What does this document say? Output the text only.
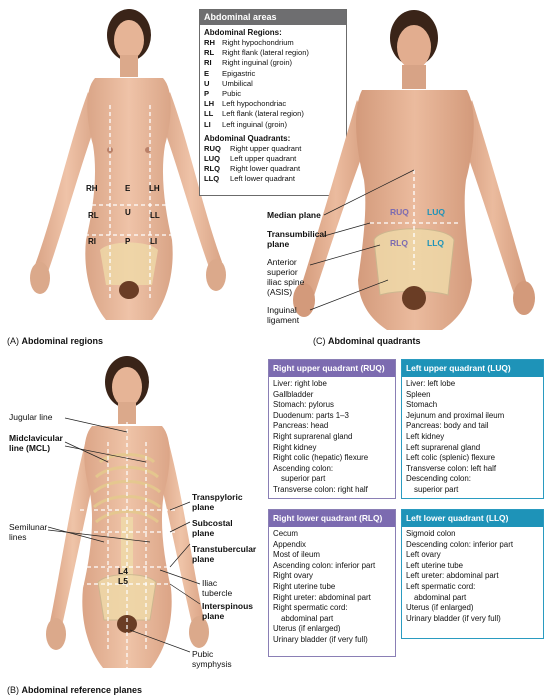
RH	E LH
RL	U LL
RI	P LI
(A) Abdominal regions
Abdominal areas
Abdominal Regions:
RH Right hypochondrium
RL Right flank (lateral region)
RI Right inguinal (groin)
E Epigastric
U Umbilical
P Pubic
LH Left hypochondriac
LL Left flank (lateral region)
LI Left inguinal (groin)
Abdominal Quadrants:
RUQ Right upper quadrant
LUQ Left upper quadrant
RLQ Right lower quadrant
LLQ Left lower quadrant
RUQ LUQ
RLQ LLQ
Median plane
Transumbilical
plane
Anterior
superior
iliac spine
(ASIS)
Inguinal
ligament
(C) Abdominal quadrants
L4
L5
Jugular line
Midclavicular
line (MCL)
Semilunar
lines
Transpyloric
plane
Subcostal
plane
Transtubercular
plane
Iliac
tubercle
Interspinous
plane
Pubic
symphysis
(B) Abdominal reference planes
Right upper quadrant (RUQ)
Liver: right lobe
Gallbladder
Stomach: pylorus
Duodenum: parts 1–3
Pancreas: head
Right suprarenal gland
Right kidney
Right colic (hepatic) flexure
Ascending colon:
superior part
Transverse colon: right half
Left upper quadrant (LUQ)
Liver: left lobe
Spleen
Stomach
Jejunum and proximal ileum
Pancreas: body and tail
Left kidney
Left suprarenal gland
Left colic (splenic) flexure
Transverse colon: left half
Descending colon:
superior part
Right lower quadrant (RLQ)
Cecum
Appendix
Most of ileum
Ascending colon: inferior part
Right ovary
Right uterine tube
Right ureter: abdominal part
Right spermatic cord:
abdominal part
Uterus (if enlarged)
Urinary bladder (if very full)
Left lower quadrant (LLQ)
Sigmoid colon
Descending colon: inferior part
Left ovary
Left uterine tube
Left ureter: abdominal part
Left spermatic cord:
abdominal part
Uterus (if enlarged)
Urinary bladder (if very full)
